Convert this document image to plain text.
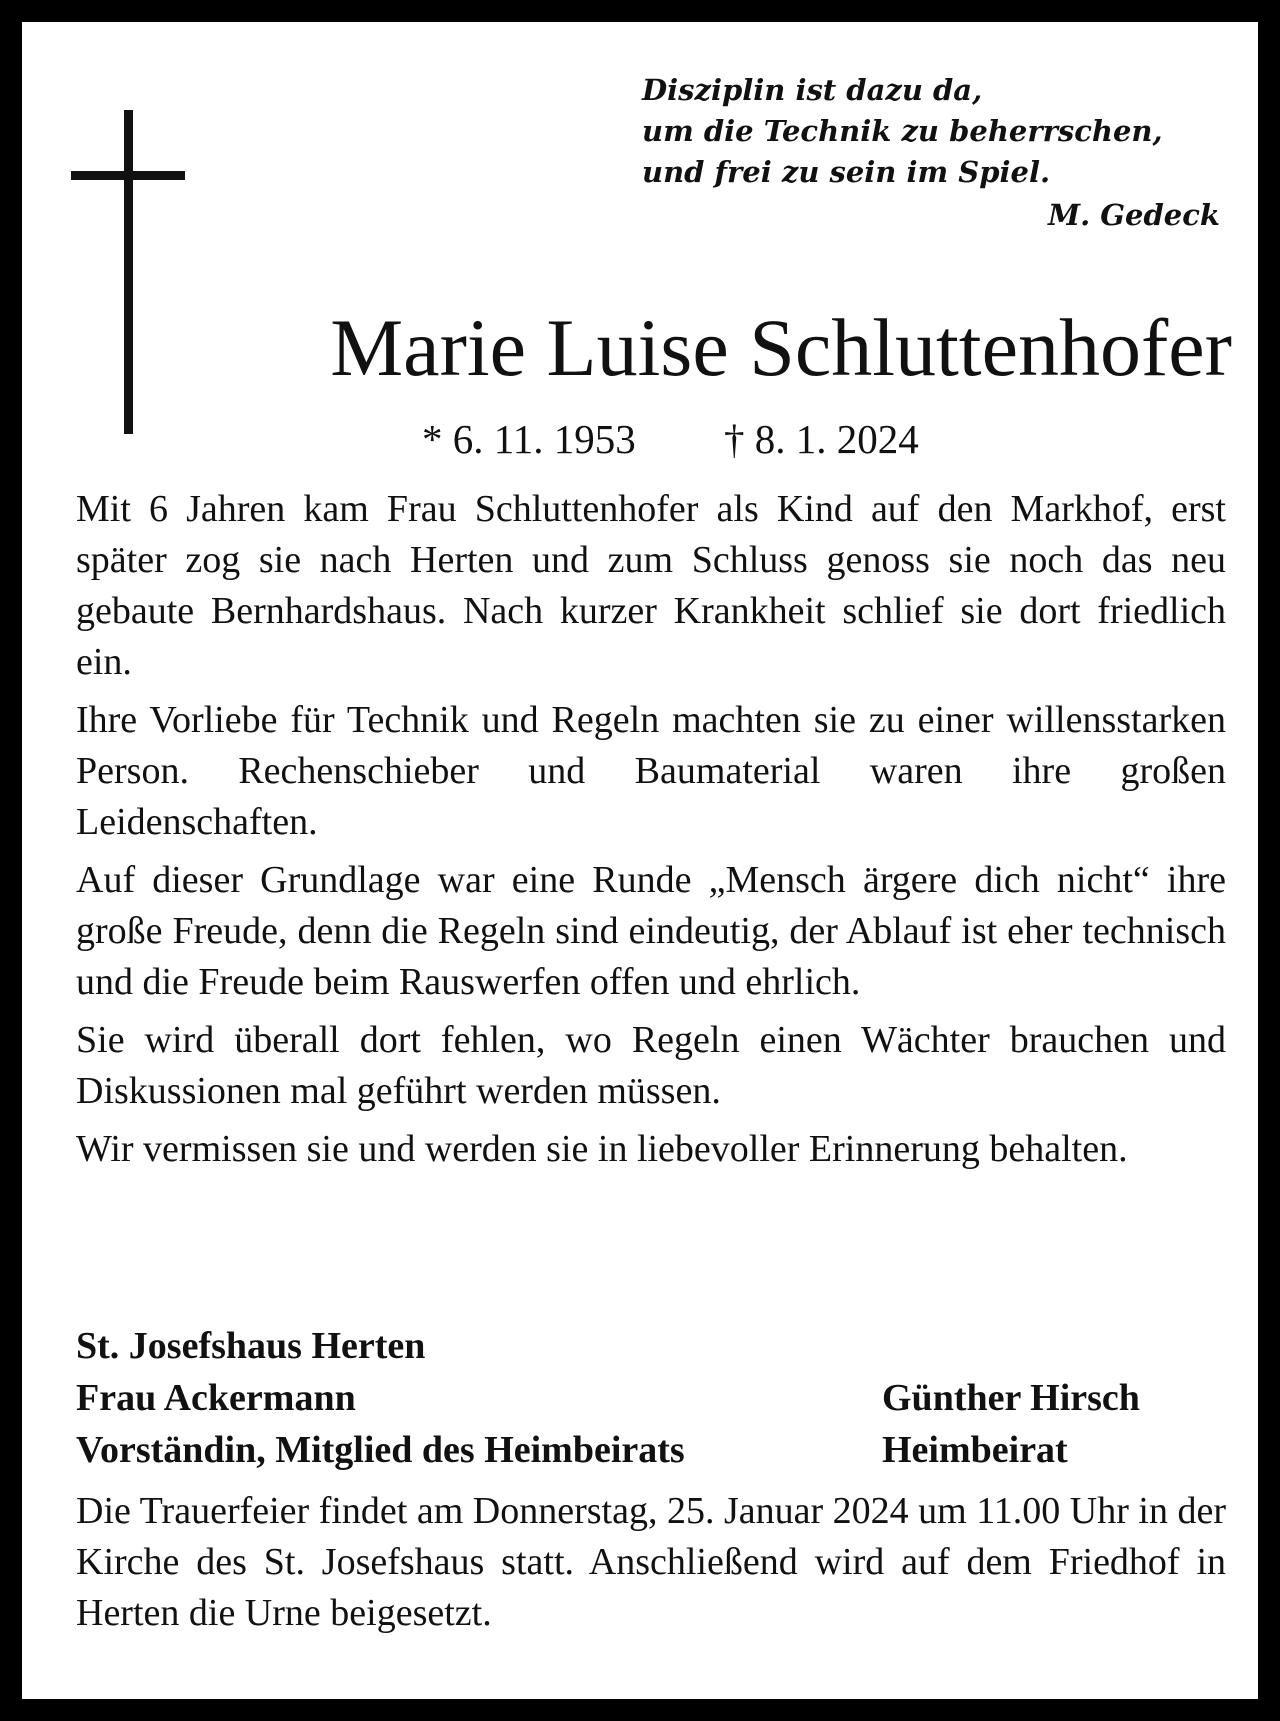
Disziplin ist dazu da,
um die Technik zu beherrschen,
und frei zu sein im Spiel.
M. Gedeck
Marie Luise Schluttenhofer
* 6. 11. 1953 † 8. 1. 2024

Mit 6 Jahren kam Frau Schluttenhofer als Kind auf den Markhof, erst später zog sie nach Herten und zum Schluss genoss sie noch das neu gebaute Bernhardshaus. Nach kurzer Krankheit schlief sie dort friedlich ein.

Ihre Vorliebe für Technik und Regeln machten sie zu einer willensstarken Person. Rechenschieber und Baumaterial waren ihre großen Leidenschaften.

Auf dieser Grundlage war eine Runde „Mensch ärgere dich nicht“ ihre große Freude, denn die Regeln sind eindeutig, der Ablauf ist eher technisch und die Freude beim Rauswerfen offen und ehrlich.

Sie wird überall dort fehlen, wo Regeln einen Wächter brauchen und Diskussionen mal geführt werden müssen.

Wir vermissen sie und werden sie in liebevoller Erinnerung behalten.

St. Josefshaus Herten
Frau Ackermann	Günther Hirsch
Vorständin, Mitglied des Heimbeirats	Heimbeirat

Die Trauerfeier findet am Donnerstag, 25. Januar 2024 um 11.00 Uhr in der Kirche des St. Josefshaus statt. Anschließend wird auf dem Friedhof in Herten die Urne beigesetzt.
